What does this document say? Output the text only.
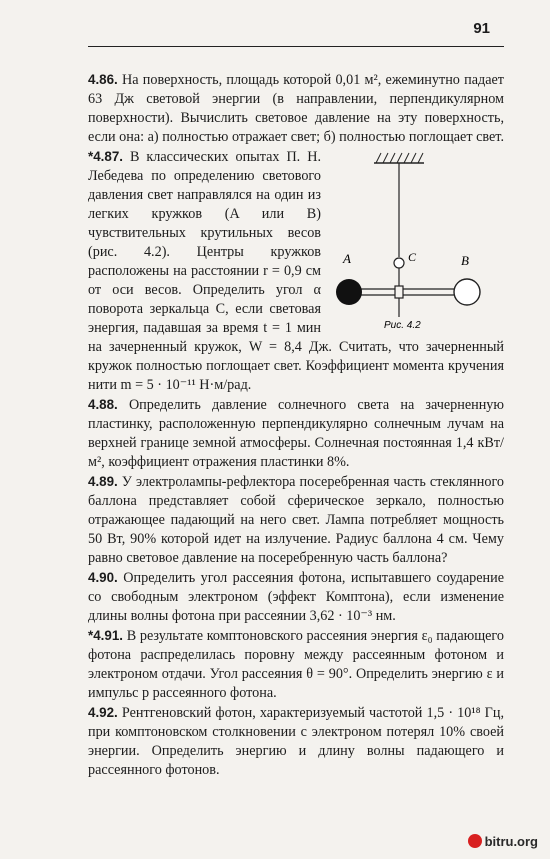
91

4.86. На поверхность, площадь которой 0,01 м², ежеминутно падает 63 Дж световой энергии (в направлении, перпендикулярном поверхности). Вычислить световое давление на эту поверхность, если она: а) полностью отражает свет; б) полностью поглощает свет.

A	C	B
Рис. 4.2

*4.87. В классических опытах П. Н. Лебедева по определению светового давления свет направлялся на один из легких кружков (A или B) чувствительных крутильных весов (рис. 4.2). Центры кружков расположены на расстоянии r = 0,9 см от оси весов. Определить угол α поворота зеркальца C, если световая энергия, падавшая за время t = 1 мин на зачерненный кружок, W = 8,4 Дж. Считать, что зачерненный кружок полностью поглощает свет. Коэффициент момента кручения нити m = 5 · 10⁻¹¹ Н·м/рад.

4.88. Определить давление солнечного света на зачерненную пластинку, расположенную перпендикулярно солнечным лучам на верхней границе земной атмосферы. Солнечная постоянная 1,4 кВт/м², коэффициент отражения пластинки 8%.

4.89. У электролампы-рефлектора посеребренная часть стеклянного баллона представляет собой сферическое зеркало, полностью отражающее падающий на него свет. Лампа потребляет мощность 50 Вт, 90% которой идет на излучение. Радиус баллона 4 см. Чему равно световое давление на посеребренную часть баллона?

4.90. Определить угол рассеяния фотона, испытавшего соударение со свободным электроном (эффект Комптона), если изменение длины волны фотона при рассеянии 3,62 · 10⁻³ нм.

*4.91. В результате комптоновского рассеяния энергия ε₀ падающего фотона распределилась поровну между рассеянным фотоном и электроном отдачи. Угол рассеяния θ = 90°. Определить энергию ε и импульс p рассеянного фотона.

4.92. Рентгеновский фотон, характеризуемый частотой 1,5 · 10¹⁸ Гц, при комптоновском столкновении с электроном потерял 10% своей энергии. Определить энергию и длину волны падающего и рассеянного фотонов.

bitru.org
